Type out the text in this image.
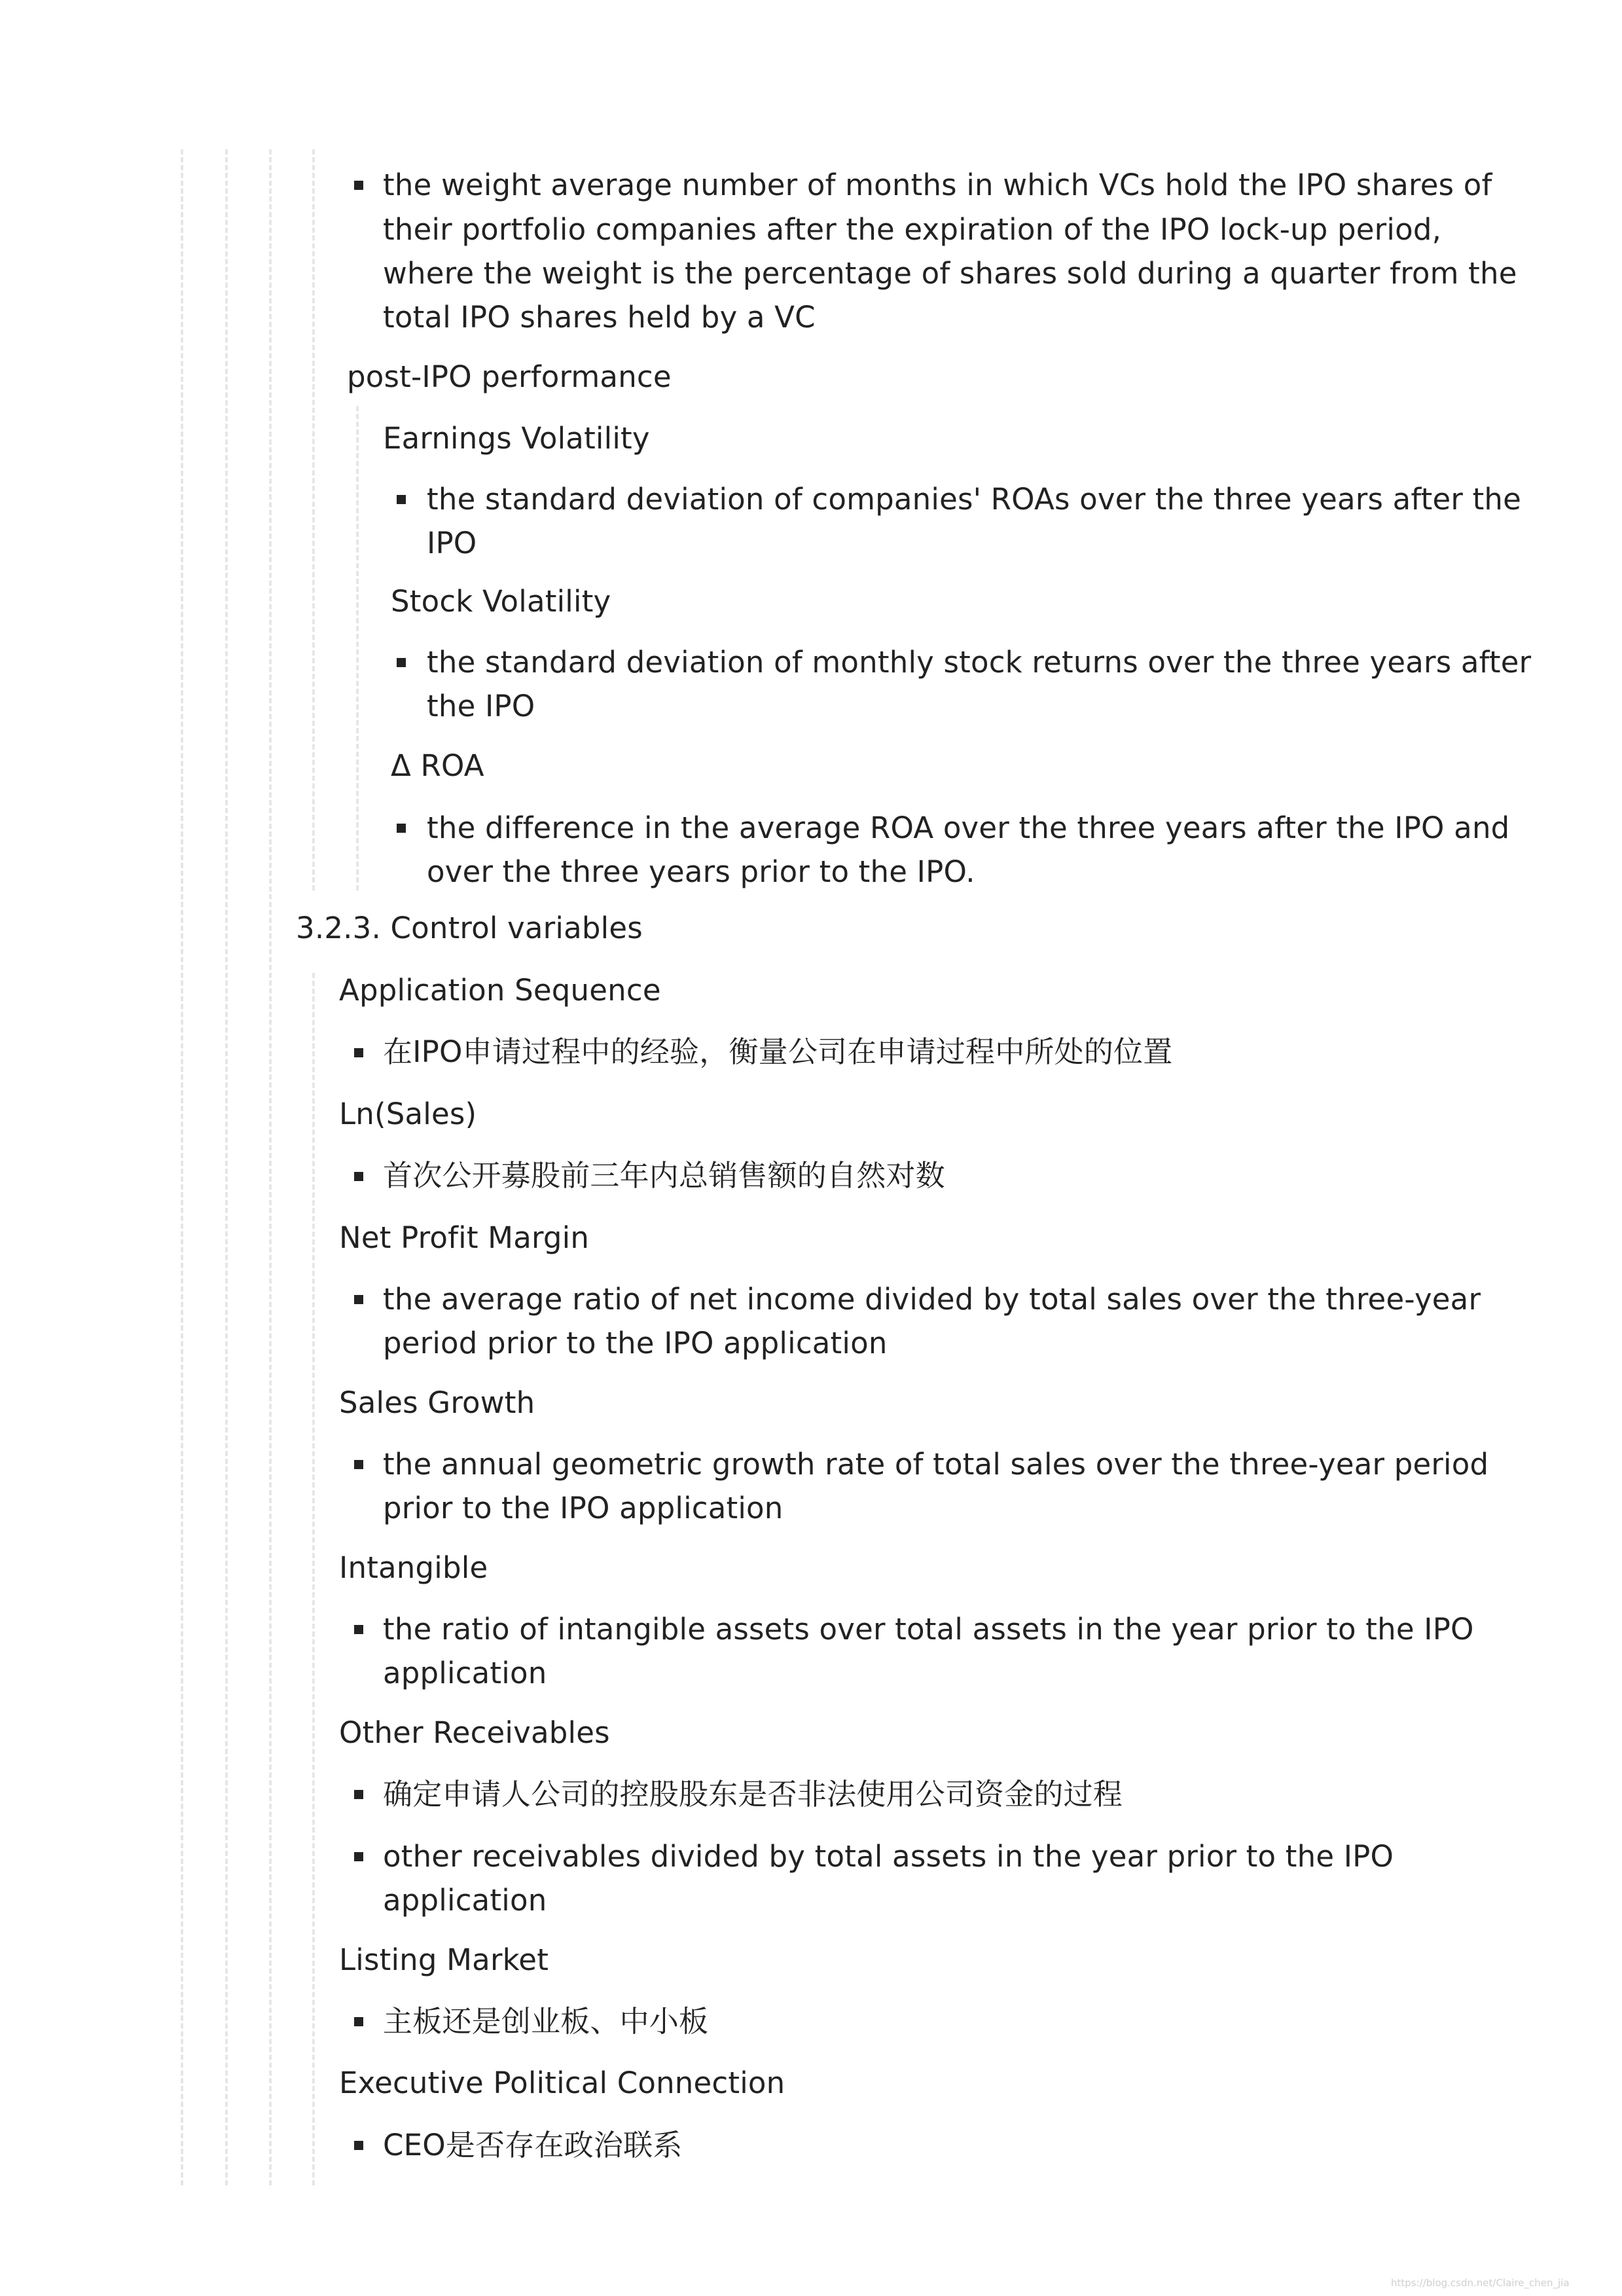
the weight average number of months in which VCs hold the IPO shares of
their portfolio companies after the expiration of the IPO lock-up period,
where the weight is the percentage of shares sold during a quarter from the
total IPO shares held by a VC
post-IPO performance
Earnings Volatility
the standard deviation of companies' ROAs over the three years after the
IPO
Stock Volatility
the standard deviation of monthly stock returns over the three years after
the IPO
Δ ROA
the difference in the average ROA over the three years after the IPO and
over the three years prior to the IPO.
3.2.3. Control variables
Application Sequence
在IPO申请过程中的经验，衡量公司在申请过程中所处的位置
Ln(Sales)
首次公开募股前三年内总销售额的自然对数
Net Profit Margin
the average ratio of net income divided by total sales over the three-year
period prior to the IPO application
Sales Growth
the annual geometric growth rate of total sales over the three-year period
prior to the IPO application
Intangible
the ratio of intangible assets over total assets in the year prior to the IPO
application
Other Receivables
确定申请人公司的控股股东是否非法使用公司资金的过程
other receivables divided by total assets in the year prior to the IPO
application
Listing Market
主板还是创业板、中小板
Executive Political Connection
CEO是否存在政治联系
https://blog.csdn.net/Claire_chen_jia
